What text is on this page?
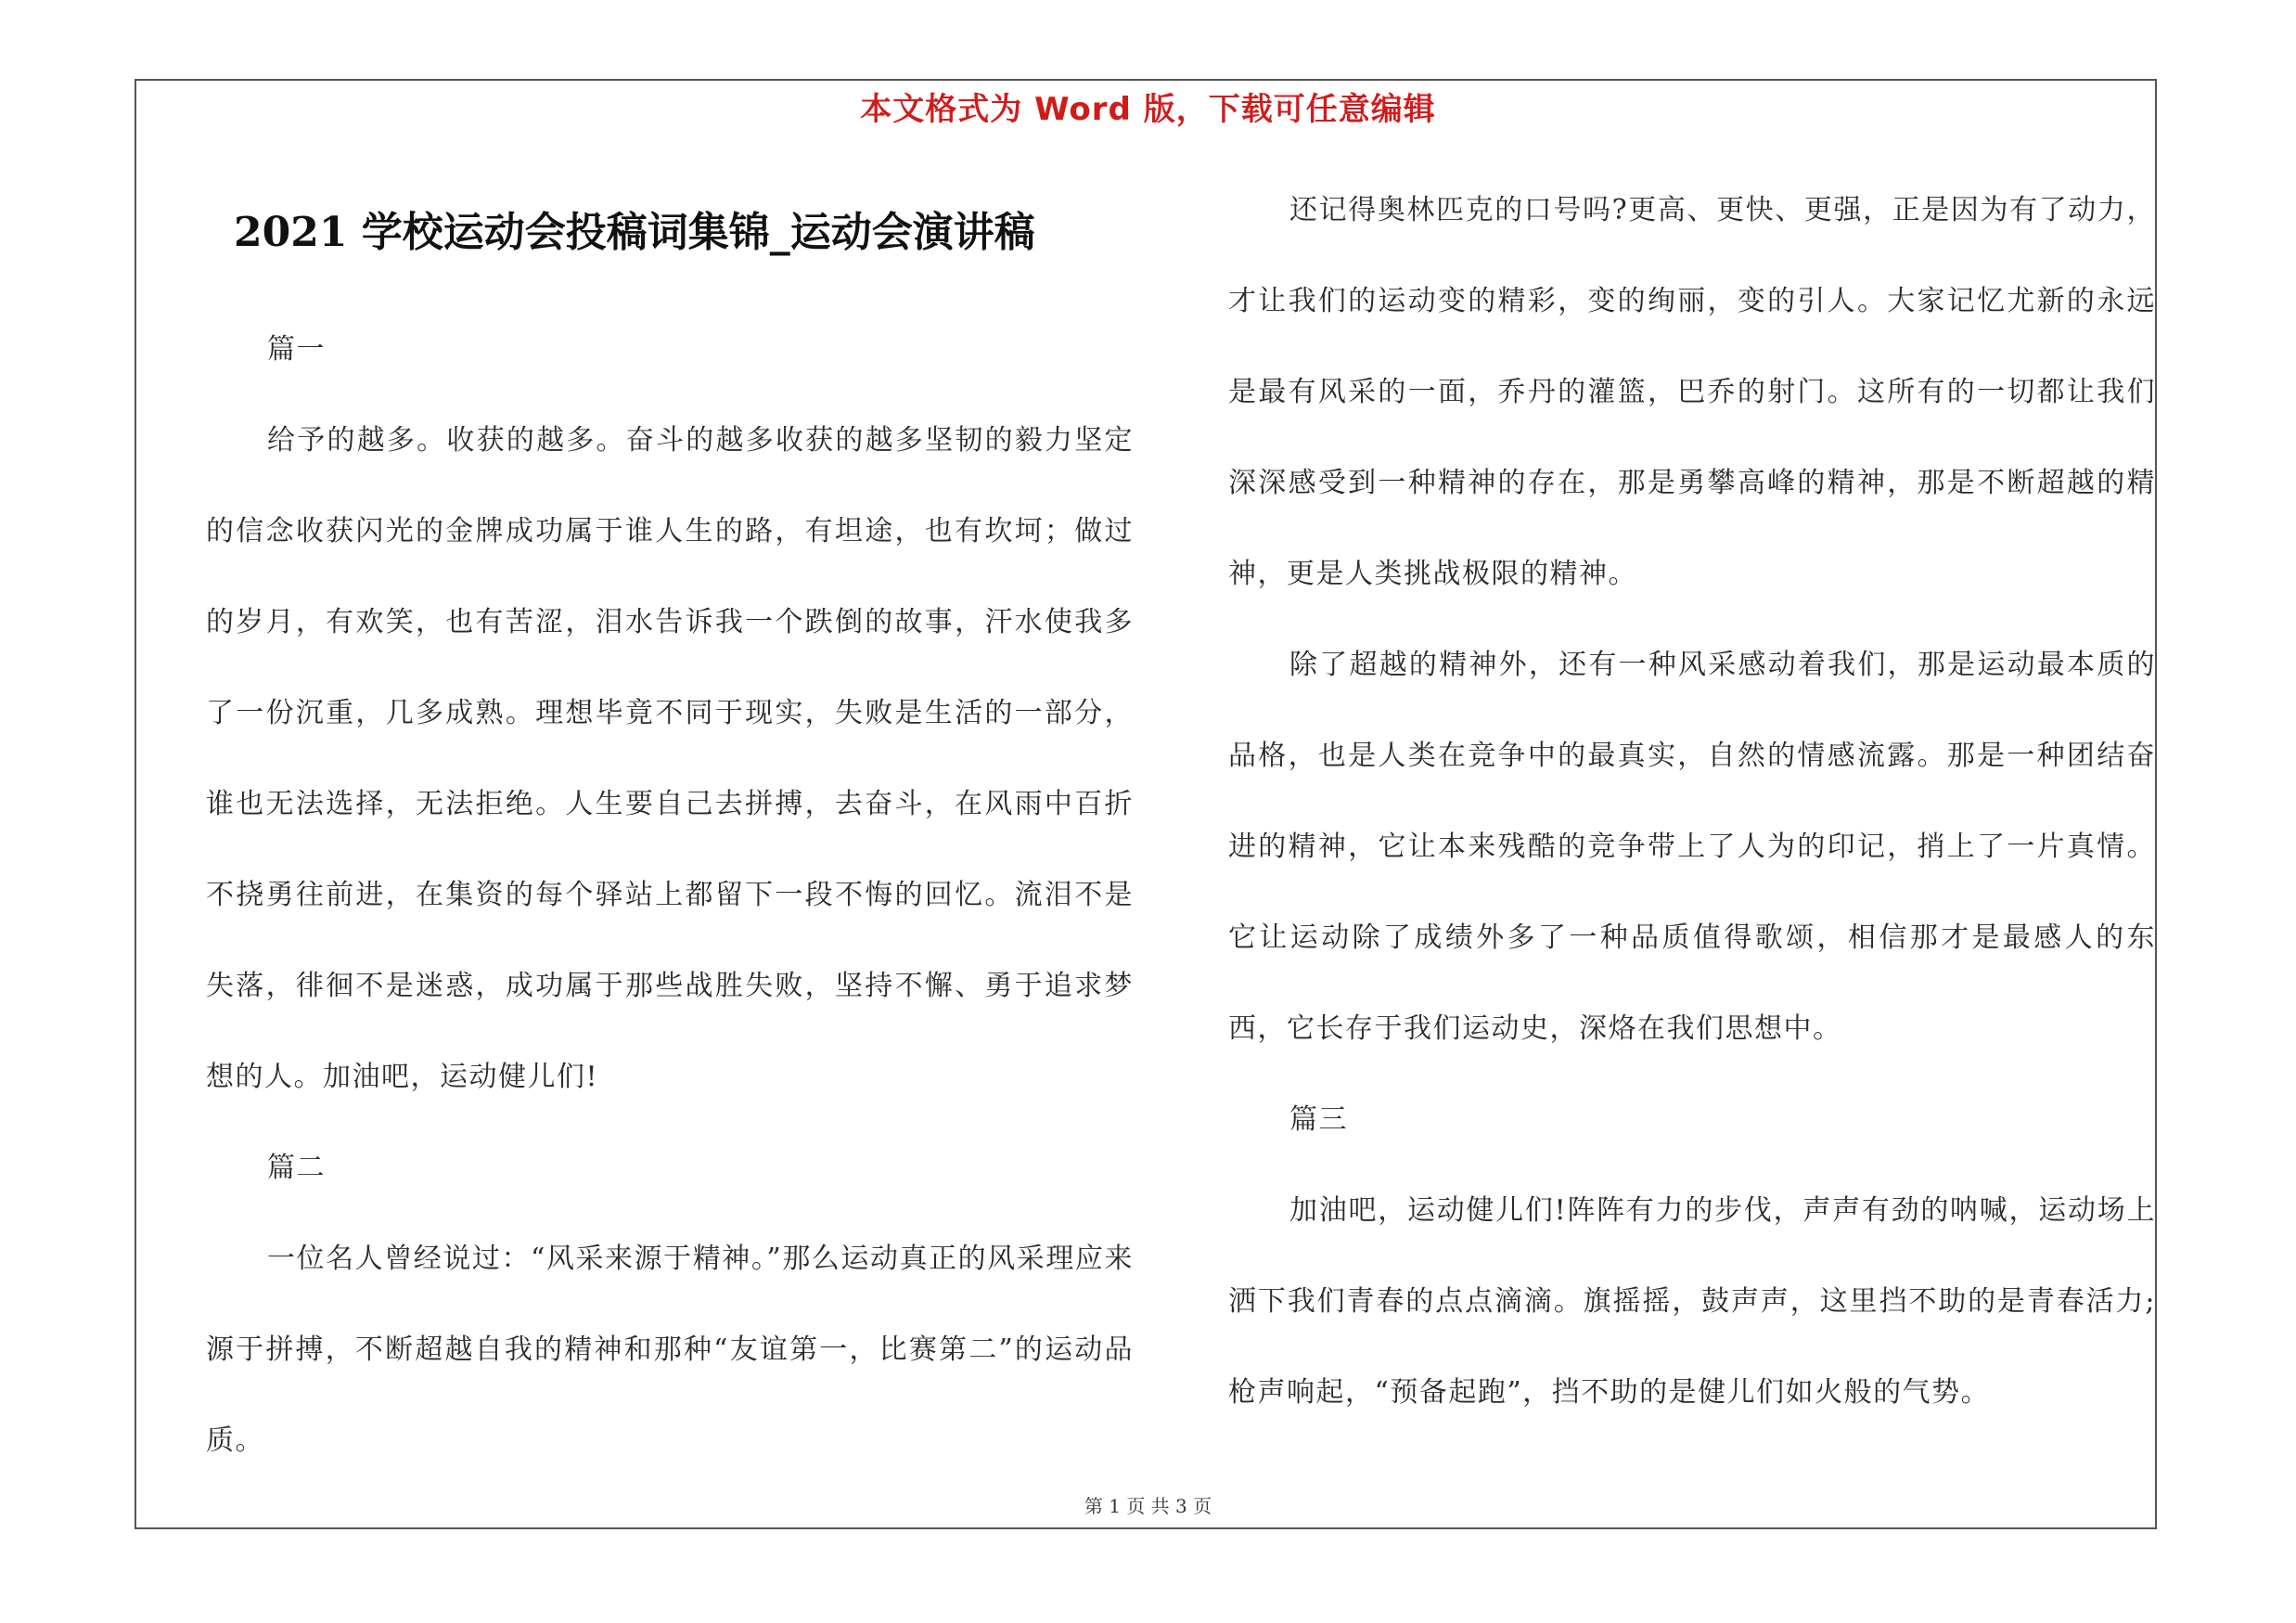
本文格式为 Word 版，下载可任意编辑
2021 学校运动会投稿词集锦_运动会演讲稿

篇一

给予的越多。收获的越多。奋斗的越多收获的越多坚韧的毅力坚定的信念收获闪光的金牌成功属于谁人生的路，有坦途，也有坎坷；做过的岁月，有欢笑，也有苦涩，泪水告诉我一个跌倒的故事，汗水使我多了一份沉重，几多成熟。理想毕竟不同于现实，失败是生活的一部分，谁也无法选择，无法拒绝。人生要自己去拼搏，去奋斗，在风雨中百折不挠勇往前进，在集资的每个驿站上都留下一段不悔的回忆。流泪不是失落，徘徊不是迷惑，成功属于那些战胜失败，坚持不懈、勇于追求梦想的人。加油吧，运动健儿们!

篇二

一位名人曾经说过：“风采来源于精神。”那么运动真正的风采理应来源于拼搏，不断超越自我的精神和那种“友谊第一，比赛第二”的运动品质。

还记得奥林匹克的口号吗?更高、更快、更强，正是因为有了动力，才让我们的运动变的精彩，变的绚丽，变的引人。大家记忆尤新的永远是最有风采的一面，乔丹的灌篮，巴乔的射门。这所有的一切都让我们深深感受到一种精神的存在，那是勇攀高峰的精神，那是不断超越的精神，更是人类挑战极限的精神。

除了超越的精神外，还有一种风采感动着我们，那是运动最本质的品格，也是人类在竞争中的最真实，自然的情感流露。那是一种团结奋进的精神，它让本来残酷的竞争带上了人为的印记，捎上了一片真情。它让运动除了成绩外多了一种品质值得歌颂，相信那才是最感人的东西，它长存于我们运动史，深烙在我们思想中。

篇三

加油吧，运动健儿们!阵阵有力的步伐，声声有劲的呐喊，运动场上洒下我们青春的点点滴滴。旗摇摇，鼓声声，这里挡不助的是青春活力;枪声响起，“预备起跑”，挡不助的是健儿们如火般的气势。

第 1 页 共 3 页
